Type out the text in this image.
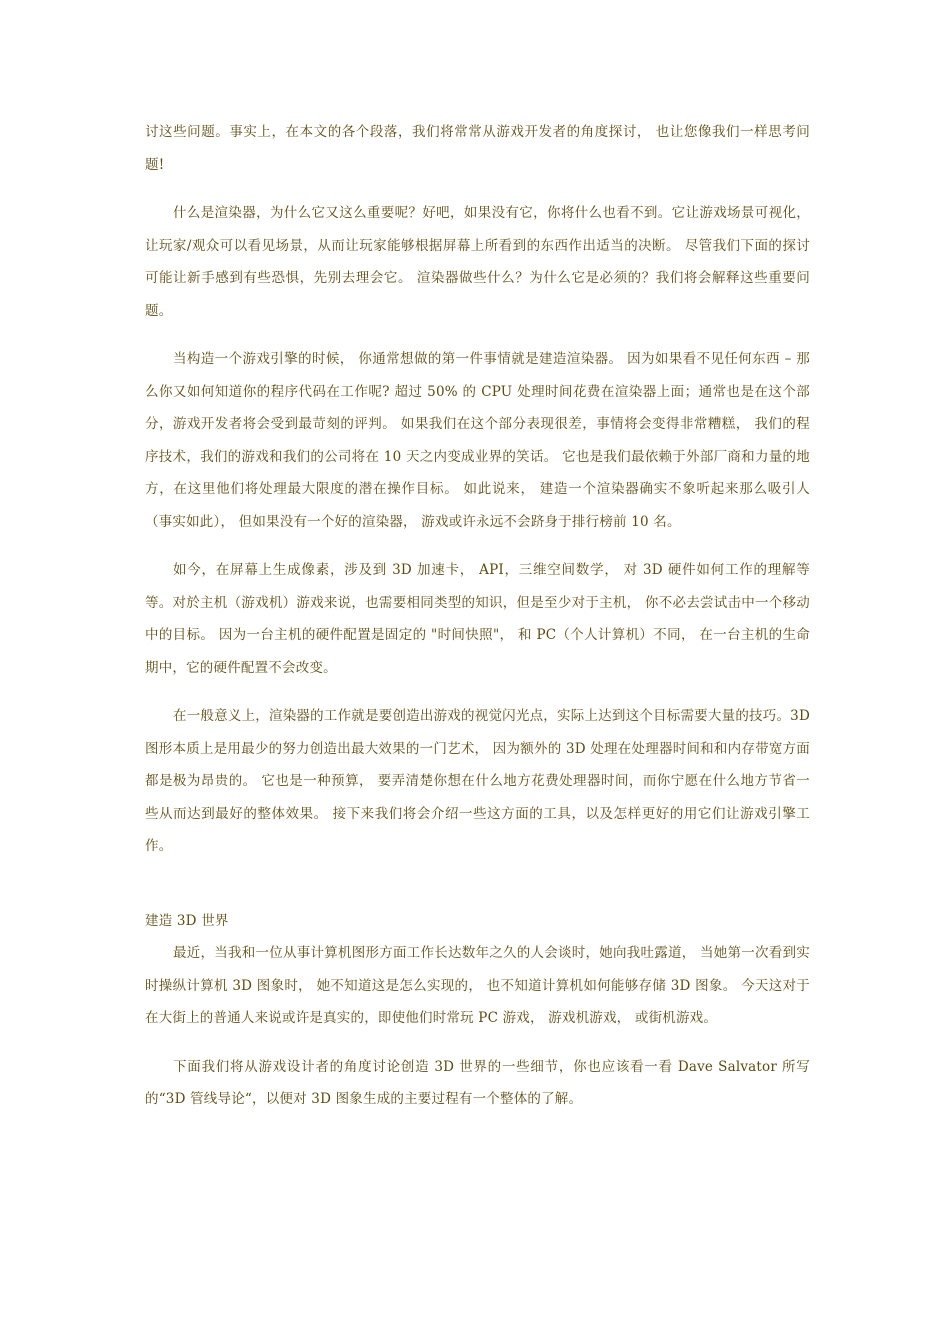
讨这些问题。事实上，在本文的各个段落，我们将常常从游戏开发者的角度探讨， 也让您像我们一样思考问题!

什么是渲染器，为什么它又这么重要呢？好吧，如果没有它，你将什么也看不到。它让游戏场景可视化，让玩家/观众可以看见场景，从而让玩家能够根据屏幕上所看到的东西作出适当的决断。 尽管我们下面的探讨可能让新手感到有些恐惧，先别去理会它。 渲染器做些什么？为什么它是必须的？我们将会解释这些重要问题。

当构造一个游戏引擎的时候， 你通常想做的第一件事情就是建造渲染器。 因为如果看不见任何东西 – 那么你又如何知道你的程序代码在工作呢? 超过 50% 的 CPU 处理时间花费在渲染器上面；通常也是在这个部分，游戏开发者将会受到最苛刻的评判。 如果我们在这个部分表现很差，事情将会变得非常糟糕， 我们的程序技术，我们的游戏和我们的公司将在 10 天之内变成业界的笑话。 它也是我们最依赖于外部厂商和力量的地方，在这里他们将处理最大限度的潜在操作目标。 如此说来， 建造一个渲染器确实不象听起来那么吸引人（事实如此）， 但如果没有一个好的渲染器， 游戏或许永远不会跻身于排行榜前 10 名。

如今，在屏幕上生成像素，涉及到 3D 加速卡， API，三维空间数学， 对 3D 硬件如何工作的理解等等。对於主机（游戏机）游戏来说，也需要相同类型的知识，但是至少对于主机， 你不必去尝试击中一个移动中的目标。 因为一台主机的硬件配置是固定的 "时间快照"， 和 PC（个人计算机）不同， 在一台主机的生命期中，它的硬件配置不会改变。

在一般意义上，渲染器的工作就是要创造出游戏的视觉闪光点，实际上达到这个目标需要大量的技巧。3D 图形本质上是用最少的努力创造出最大效果的一门艺术， 因为额外的 3D 处理在处理器时间和和内存带宽方面都是极为昂贵的。 它也是一种预算， 要弄清楚你想在什么地方花费处理器时间，而你宁愿在什么地方节省一些从而达到最好的整体效果。 接下来我们将会介绍一些这方面的工具，以及怎样更好的用它们让游戏引擎工作。

建造 3D 世界

最近，当我和一位从事计算机图形方面工作长达数年之久的人会谈时，她向我吐露道， 当她第一次看到实时操纵计算机 3D 图象时， 她不知道这是怎么实现的， 也不知道计算机如何能够存储 3D 图象。 今天这对于在大街上的普通人来说或许是真实的，即使他们时常玩 PC 游戏， 游戏机游戏， 或街机游戏。

下面我们将从游戏设计者的角度讨论创造 3D 世界的一些细节，你也应该看一看 Dave Salvator 所写的“3D 管线导论“，以便对 3D 图象生成的主要过程有一个整体的了解。
